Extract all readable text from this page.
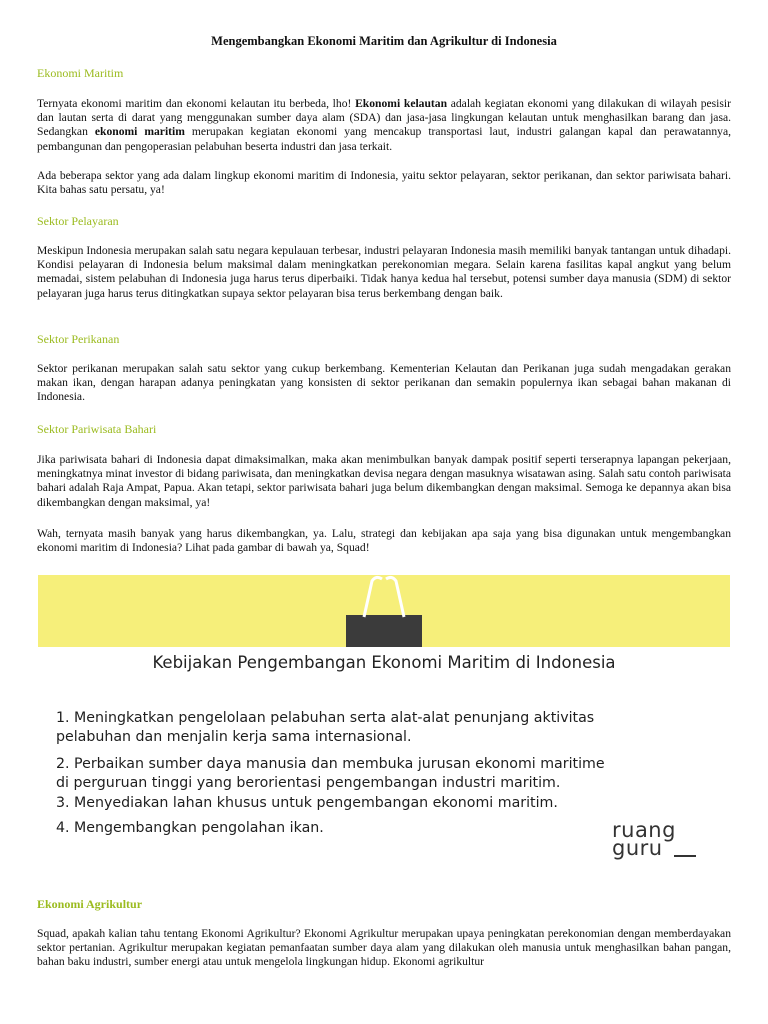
Mengembangkan Ekonomi Maritim dan Agrikultur di Indonesia
Ekonomi Maritim
Ternyata ekonomi maritim dan ekonomi kelautan itu berbeda, lho! Ekonomi kelautan adalah kegiatan ekonomi yang dilakukan di wilayah pesisir dan lautan serta di darat yang menggunakan sumber daya alam (SDA) dan jasa-jasa lingkungan kelautan untuk menghasilkan barang dan jasa. Sedangkan ekonomi maritim merupakan kegiatan ekonomi yang mencakup transportasi laut, industri galangan kapal dan perawatannya, pembangunan dan pengoperasian pelabuhan beserta industri dan jasa terkait.
Ada beberapa sektor yang ada dalam lingkup ekonomi maritim di Indonesia, yaitu sektor pelayaran, sektor perikanan, dan sektor pariwisata bahari. Kita bahas satu persatu, ya!
Sektor Pelayaran
Meskipun Indonesia merupakan salah satu negara kepulauan terbesar, industri pelayaran Indonesia masih memiliki banyak tantangan untuk dihadapi. Kondisi pelayaran di Indonesia belum maksimal dalam meningkatkan perekonomian megara. Selain karena fasilitas kapal angkut yang belum memadai, sistem pelabuhan di Indonesia juga harus terus diperbaiki. Tidak hanya kedua hal tersebut, potensi sumber daya manusia (SDM) di sektor pelayaran juga harus terus ditingkatkan supaya sektor pelayaran bisa terus berkembang dengan baik.
Sektor Perikanan
Sektor perikanan merupakan salah satu sektor yang cukup berkembang. Kementerian Kelautan dan Perikanan juga sudah mengadakan gerakan makan ikan, dengan harapan adanya peningkatan yang konsisten di sektor perikanan dan semakin populernya ikan sebagai bahan makanan di Indonesia.
Sektor Pariwisata Bahari
Jika pariwisata bahari di Indonesia dapat dimaksimalkan, maka akan menimbulkan banyak dampak positif seperti terserapnya lapangan pekerjaan, meningkatnya minat investor di bidang pariwisata, dan meningkatkan devisa negara dengan masuknya wisatawan asing. Salah satu contoh pariwisata bahari adalah Raja Ampat, Papua. Akan tetapi, sektor pariwisata bahari juga belum dikembangkan dengan maksimal. Semoga ke depannya akan bisa dikembangkan dengan maksimal, ya!
Wah, ternyata masih banyak yang harus dikembangkan, ya. Lalu, strategi dan kebijakan apa saja yang bisa digunakan untuk mengembangkan ekonomi maritim di Indonesia? Lihat pada gambar di bawah ya, Squad!
Kebijakan Pengembangan Ekonomi Maritim di Indonesia
1. Meningkatkan pengelolaan pelabuhan serta alat-alat penunjang aktivitas
pelabuhan dan menjalin kerja sama internasional.
2. Perbaikan sumber daya manusia dan membuka jurusan ekonomi maritime
di perguruan tinggi yang berorientasi pengembangan industri maritim.
3. Menyediakan lahan khusus untuk pengembangan ekonomi maritim.
4. Mengembangkan pengolahan ikan.	ruang
guru
Ekonomi Agrikultur
Squad, apakah kalian tahu tentang Ekonomi Agrikultur? Ekonomi Agrikultur merupakan upaya peningkatan perekonomian dengan memberdayakan sektor pertanian. Agrikultur merupakan kegiatan pemanfaatan sumber daya alam yang dilakukan oleh manusia untuk menghasilkan bahan pangan, bahan baku industri, sumber energi atau untuk mengelola lingkungan hidup. Ekonomi agrikultur
